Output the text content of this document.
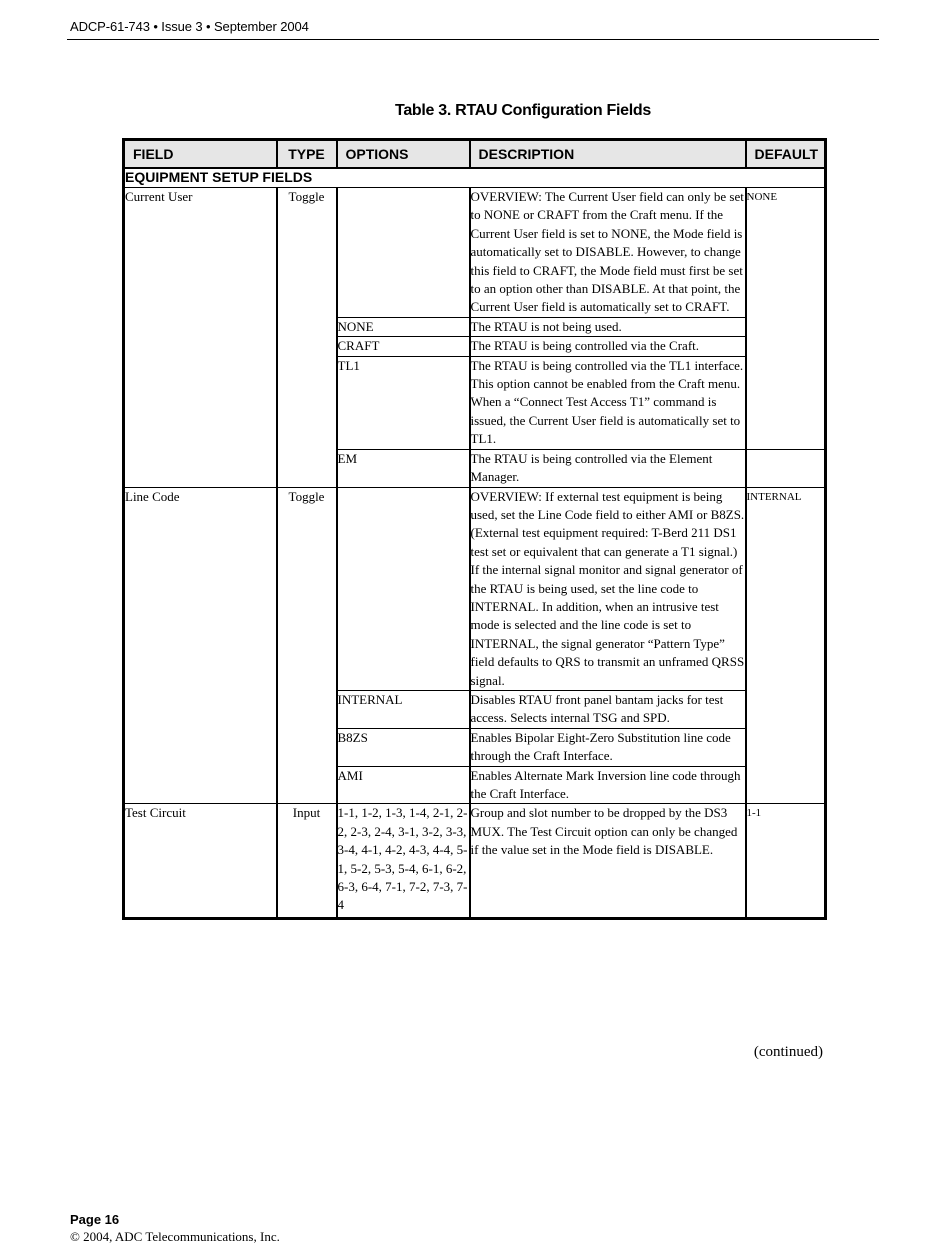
ADCP-61-743 • Issue 3 • September 2004
Table 3. RTAU Configuration Fields
FIELD	TYPE	OPTIONS	DESCRIPTION	DEFAULT
EQUIPMENT SETUP FIELDS				
Current User	Toggle		OVERVIEW: The Current User field can only be set to NONE or CRAFT from the Craft menu. If the Current User field is set to NONE, the Mode field is automatically set to DISABLE. However, to change this field to CRAFT, the Mode field must first be set to an option other than DISABLE. At that point, the Current User field is automatically set to CRAFT.	NONE
		NONE	The RTAU is not being used.	
		CRAFT	The RTAU is being controlled via the Craft.	
		TL1	The RTAU is being controlled via the TL1 interface. This option cannot be enabled from the Craft menu. When a “Connect Test Access T1” command is issued, the Current User field is automatically set to TL1.	
		EM	The RTAU is being controlled via the Element Manager.	
Line Code	Toggle		OVERVIEW: If external test equipment is being used, set the Line Code field to either AMI or B8ZS. (External test equipment required: T-Berd 211 DS1 test set or equivalent that can generate a T1 signal.) If the internal signal monitor and signal generator of the RTAU is being used, set the line code to INTERNAL. In addition, when an intrusive test mode is selected and the line code is set to INTERNAL, the signal generator “Pattern Type” field defaults to QRS to transmit an unframed QRSS signal.	INTERNAL
		INTERNAL	Disables RTAU front panel bantam jacks for test access. Selects internal TSG and SPD.	
		B8ZS	Enables Bipolar Eight-Zero Substitution line code through the Craft Interface.	
		AMI	Enables Alternate Mark Inversion line code through the Craft Interface.	
Test Circuit	Input	1-1, 1-2, 1-3, 1-4, 2-1, 2-2, 2-3, 2-4, 3-1, 3-2, 3-3, 3-4, 4-1, 4-2, 4-3, 4-4, 5-1, 5-2, 5-3, 5-4, 6-1, 6-2, 6-3, 6-4, 7-1, 7-2, 7-3, 7-4	Group and slot number to be dropped by the DS3 MUX. The Test Circuit option can only be changed if the value set in the Mode field is DISABLE.	1-1
(continued)
Page 16
© 2004, ADC Telecommunications, Inc.
